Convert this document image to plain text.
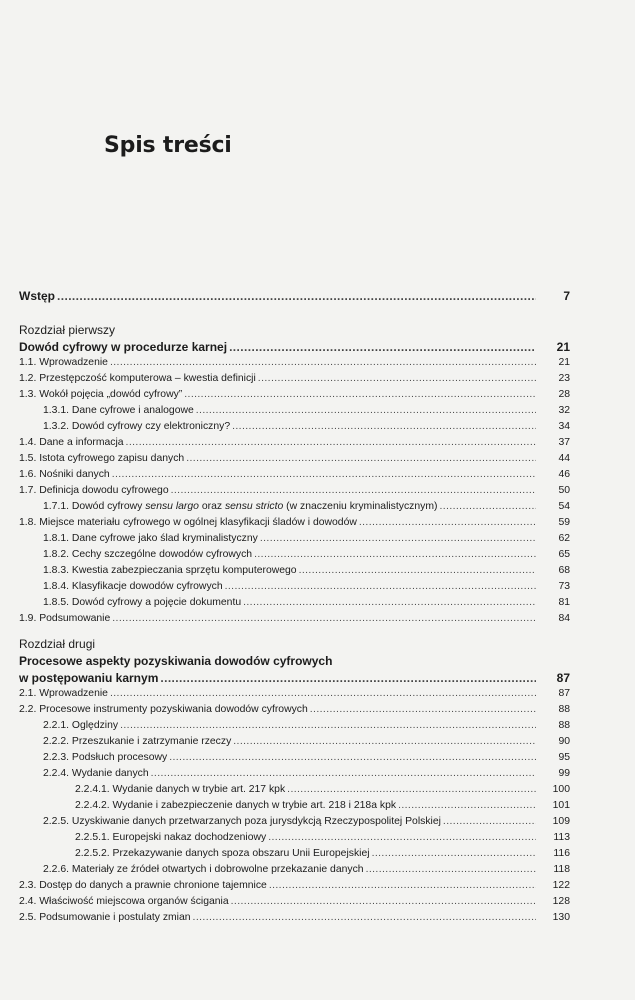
Spis treści
Wstęp .....	7
Rozdział pierwszy
Dowód cyfrowy w procedurze karnej .....	21
1.1. Wprowadzenie .....	21
1.2. Przestępczość komputerowa – kwestia definicji .....	23
1.3. Wokół pojęcia „dowód cyfrowy” .....	28
1.3.1. Dane cyfrowe i analogowe .....	32
1.3.2. Dowód cyfrowy czy elektroniczny? .....	34
1.4. Dane a informacja .....	37
1.5. Istota cyfrowego zapisu danych .....	44
1.6. Nośniki danych .....	46
1.7. Definicja dowodu cyfrowego .....	50
1.7.1. Dowód cyfrowy sensu largo oraz sensu stricto (w znaczeniu kryminalistycznym) .....	54
1.8. Miejsce materiału cyfrowego w ogólnej klasyfikacji śladów i dowodów .....	59
1.8.1. Dane cyfrowe jako ślad kryminalistyczny .....	62
1.8.2. Cechy szczególne dowodów cyfrowych .....	65
1.8.3. Kwestia zabezpieczania sprzętu komputerowego .....	68
1.8.4. Klasyfikacje dowodów cyfrowych .....	73
1.8.5. Dowód cyfrowy a pojęcie dokumentu .....	81
1.9. Podsumowanie .....	84
Rozdział drugi
Procesowe aspekty pozyskiwania dowodów cyfrowych
w postępowaniu karnym .....	87
2.1. Wprowadzenie .....	87
2.2. Procesowe instrumenty pozyskiwania dowodów cyfrowych .....	88
2.2.1. Oględziny .....	88
2.2.2. Przeszukanie i zatrzymanie rzeczy .....	90
2.2.3. Podsłuch procesowy .....	95
2.2.4. Wydanie danych .....	99
2.2.4.1. Wydanie danych w trybie art. 217 kpk .....	100
2.2.4.2. Wydanie i zabezpieczenie danych w trybie art. 218 i 218a kpk .....	101
2.2.5. Uzyskiwanie danych przetwarzanych poza jurysdykcją Rzeczypospolitej Polskiej .....	109
2.2.5.1. Europejski nakaz dochodzeniowy .....	113
2.2.5.2. Przekazywanie danych spoza obszaru Unii Europejskiej .....	116
2.2.6. Materiały ze źródeł otwartych i dobrowolne przekazanie danych .....	118
2.3. Dostęp do danych a prawnie chronione tajemnice .....	122
2.4. Właściwość miejscowa organów ścigania .....	128
2.5. Podsumowanie i postulaty zmian .....	130
